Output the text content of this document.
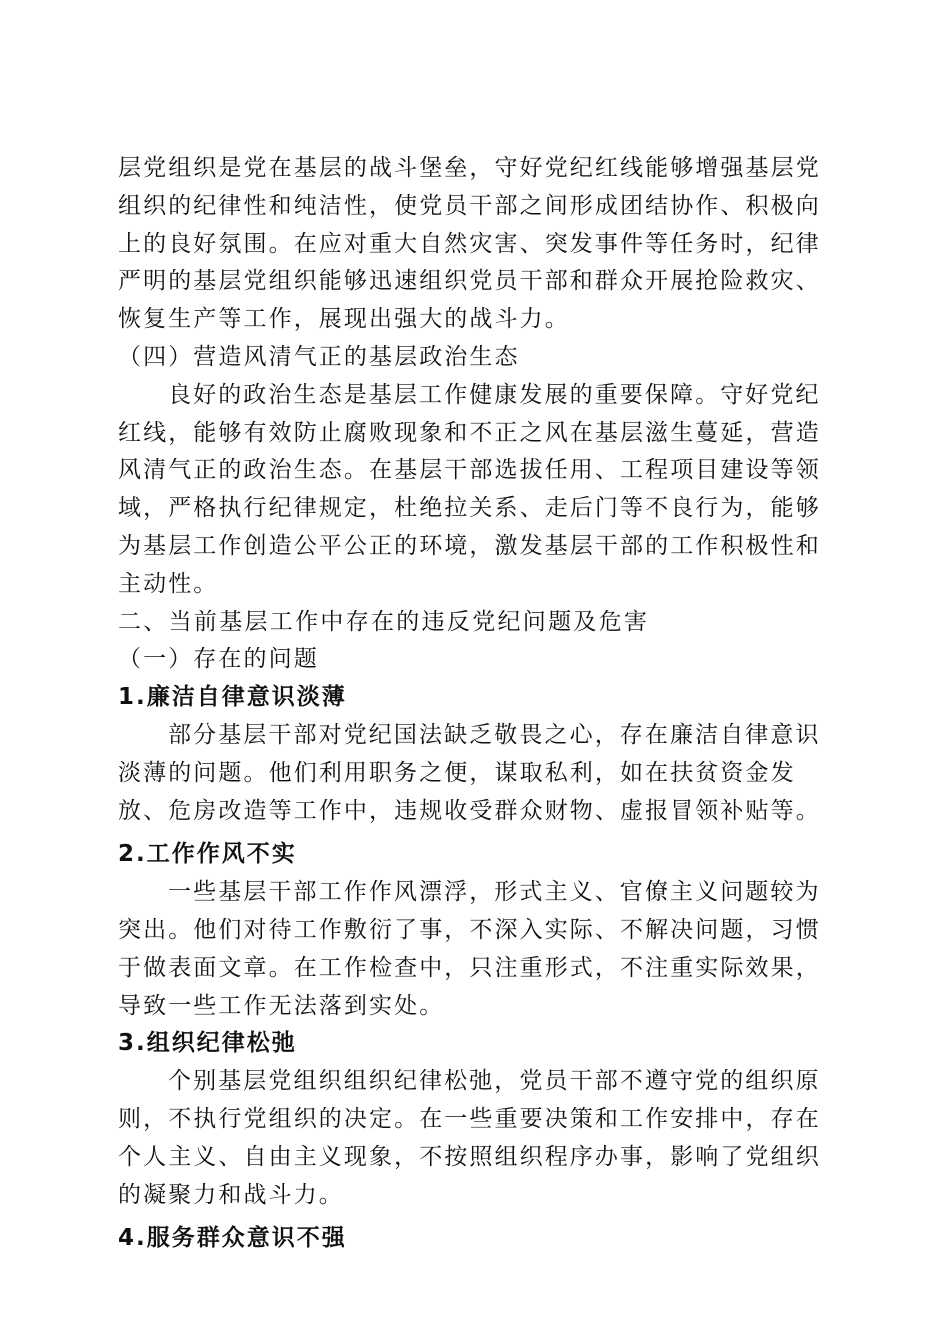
层党组织是党在基层的战斗堡垒，守好党纪红线能够增强基层党组织的纪律性和纯洁性，使党员干部之间形成团结协作、积极向上的良好氛围。在应对重大自然灾害、突发事件等任务时，纪律严明的基层党组织能够迅速组织党员干部和群众开展抢险救灾、恢复生产等工作，展现出强大的战斗力。

（四）营造风清气正的基层政治生态

良好的政治生态是基层工作健康发展的重要保障。守好党纪红线，能够有效防止腐败现象和不正之风在基层滋生蔓延，营造风清气正的政治生态。在基层干部选拔任用、工程项目建设等领域，严格执行纪律规定，杜绝拉关系、走后门等不良行为，能够为基层工作创造公平公正的环境，激发基层干部的工作积极性和主动性。

二、当前基层工作中存在的违反党纪问题及危害

（一）存在的问题

1.廉洁自律意识淡薄

部分基层干部对党纪国法缺乏敬畏之心，存在廉洁自律意识淡薄的问题。他们利用职务之便，谋取私利，如在扶贫资金发放、危房改造等工作中，违规收受群众财物、虚报冒领补贴等。

2.工作作风不实

一些基层干部工作作风漂浮，形式主义、官僚主义问题较为突出。他们对待工作敷衍了事，不深入实际、不解决问题，习惯于做表面文章。在工作检查中，只注重形式，不注重实际效果，导致一些工作无法落到实处。

3.组织纪律松弛

个别基层党组织组织纪律松弛，党员干部不遵守党的组织原则，不执行党组织的决定。在一些重要决策和工作安排中，存在个人主义、自由主义现象，不按照组织程序办事，影响了党组织的凝聚力和战斗力。

4.服务群众意识不强
